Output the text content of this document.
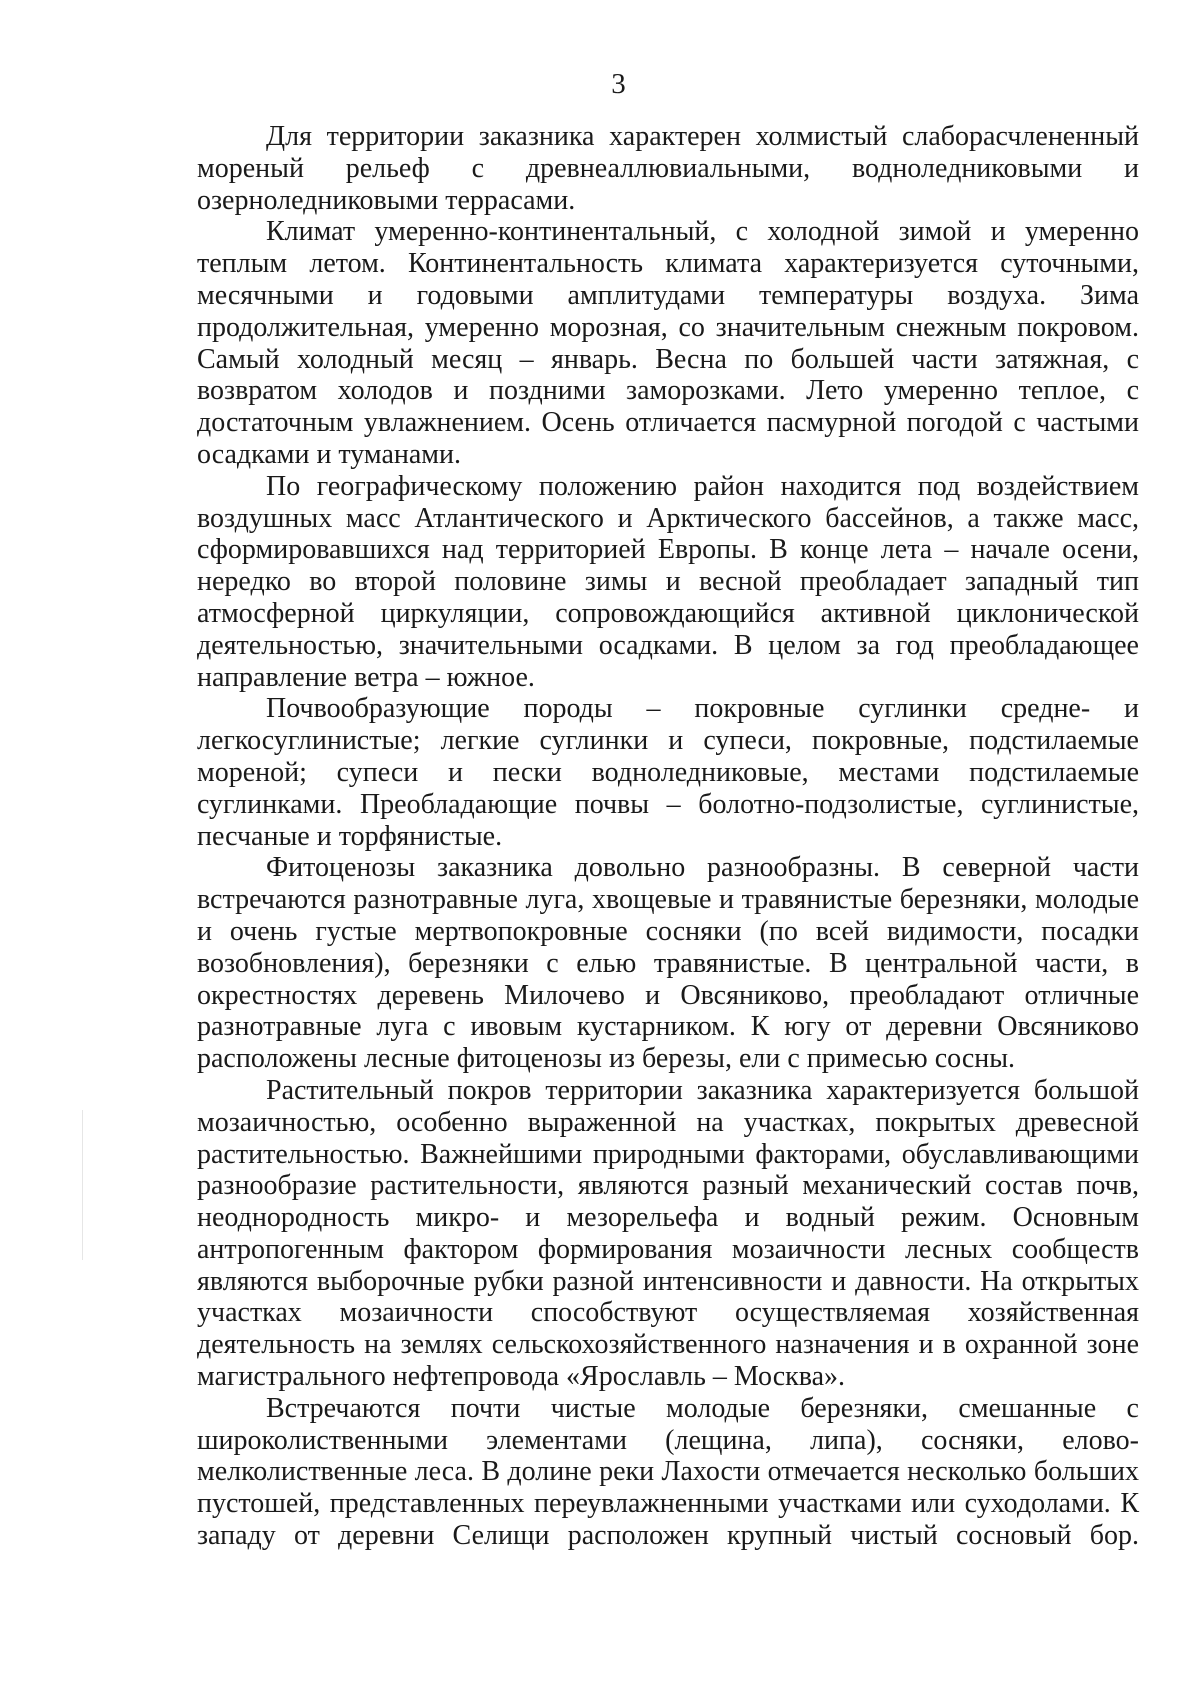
3

Для территории заказника характерен холмистый слаборасчлененный мореный рельеф с древнеаллювиальными, водноледниковыми и озерноледниковыми террасами.

Климат умеренно-континентальный, с холодной зимой и умеренно теплым летом. Континентальность климата характеризуется суточными, месячными и годовыми амплитудами температуры воздуха. Зима продолжительная, умеренно морозная, со значительным снежным покровом. Самый холодный месяц – январь. Весна по большей части затяжная, с возвратом холодов и поздними заморозками. Лето умеренно теплое, с достаточным увлажнением. Осень отличается пасмурной погодой с частыми осадками и туманами.

По географическому положению район находится под воздействием воздушных масс Атлантического и Арктического бассейнов, а также масс, сформировавшихся над территорией Европы. В конце лета – начале осени, нередко во второй половине зимы и весной преобладает западный тип атмосферной циркуляции, сопровождающийся активной циклонической деятельностью, значительными осадками. В целом за год преобладающее направление ветра – южное.

Почвообразующие породы – покровные суглинки средне- и легкосуглинистые; легкие суглинки и супеси, покровные, подстилаемые мореной; супеси и пески водноледниковые, местами подстилаемые суглинками. Преобладающие почвы – болотно-подзолистые, суглинистые, песчаные и торфянистые.

Фитоценозы заказника довольно разнообразны. В северной части встречаются разнотравные луга, хвощевые и травянистые березняки, молодые и очень густые мертвопокровные сосняки (по всей видимости, посадки возобновления), березняки с елью травянистые. В центральной части, в окрестностях деревень Милочево и Овсяниково, преобладают отличные разнотравные луга с ивовым кустарником. К югу от деревни Овсяниково расположены лесные фитоценозы из березы, ели с примесью сосны.

Растительный покров территории заказника характеризуется большой мозаичностью, особенно выраженной на участках, покрытых древесной растительностью. Важнейшими природными факторами, обуславливающими разнообразие растительности, являются разный механический состав почв, неоднородность микро- и мезорельефа и водный режим. Основным антропогенным фактором формирования мозаичности лесных сообществ являются выборочные рубки разной интенсивности и давности. На открытых участках мозаичности способствуют осуществляемая хозяйственная деятельность на землях сельскохозяйственного назначения и в охранной зоне магистрального нефтепровода «Ярославль – Москва».

Встречаются почти чистые молодые березняки, смешанные с широколиственными элементами (лещина, липа), сосняки, елово-мелколиственные леса. В долине реки Лахости отмечается несколько больших пустошей, представленных переувлажненными участками или суходолами. К западу от деревни Селищи расположен крупный чистый сосновый бор.
